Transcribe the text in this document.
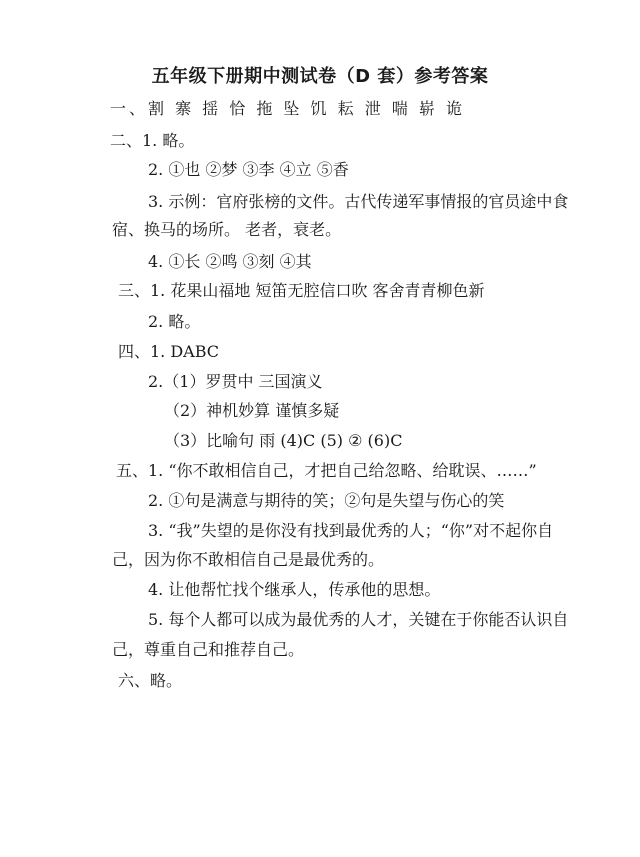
五年级下册期中测试卷（D 套）参考答案
一、割 寨 揺 恰 拖 坠 饥 耘 泄 喘 崭 诡
二、1. 略。
2. ①也 ②梦 ③李 ④立 ⑤香
3. 示例：官府张榜的文件。古代传递军事情报的官员途中食
宿、换马的场所。 老者，衰老。
4. ①长 ②鸣 ③刻 ④其
三、1. 花果山福地 短笛无腔信口吹 客舍青青柳色新
2. 略。
四、1. DABC
2.（1）罗贯中 三国演义
（2）神机妙算 谨慎多疑
（3）比喻句 雨 (4)C (5) ② (6)C
五、1. “你不敢相信自己，才把自己给忽略、给耽误、……”
2. ①句是满意与期待的笑；②句是失望与伤心的笑
3. “我”失望的是你没有找到最优秀的人；“你”对不起你自
己，因为你不敢相信自己是最优秀的。
4. 让他帮忙找个继承人，传承他的思想。
5. 每个人都可以成为最优秀的人才，关键在于你能否认识自
己，尊重自己和推荐自己。
六、略。
